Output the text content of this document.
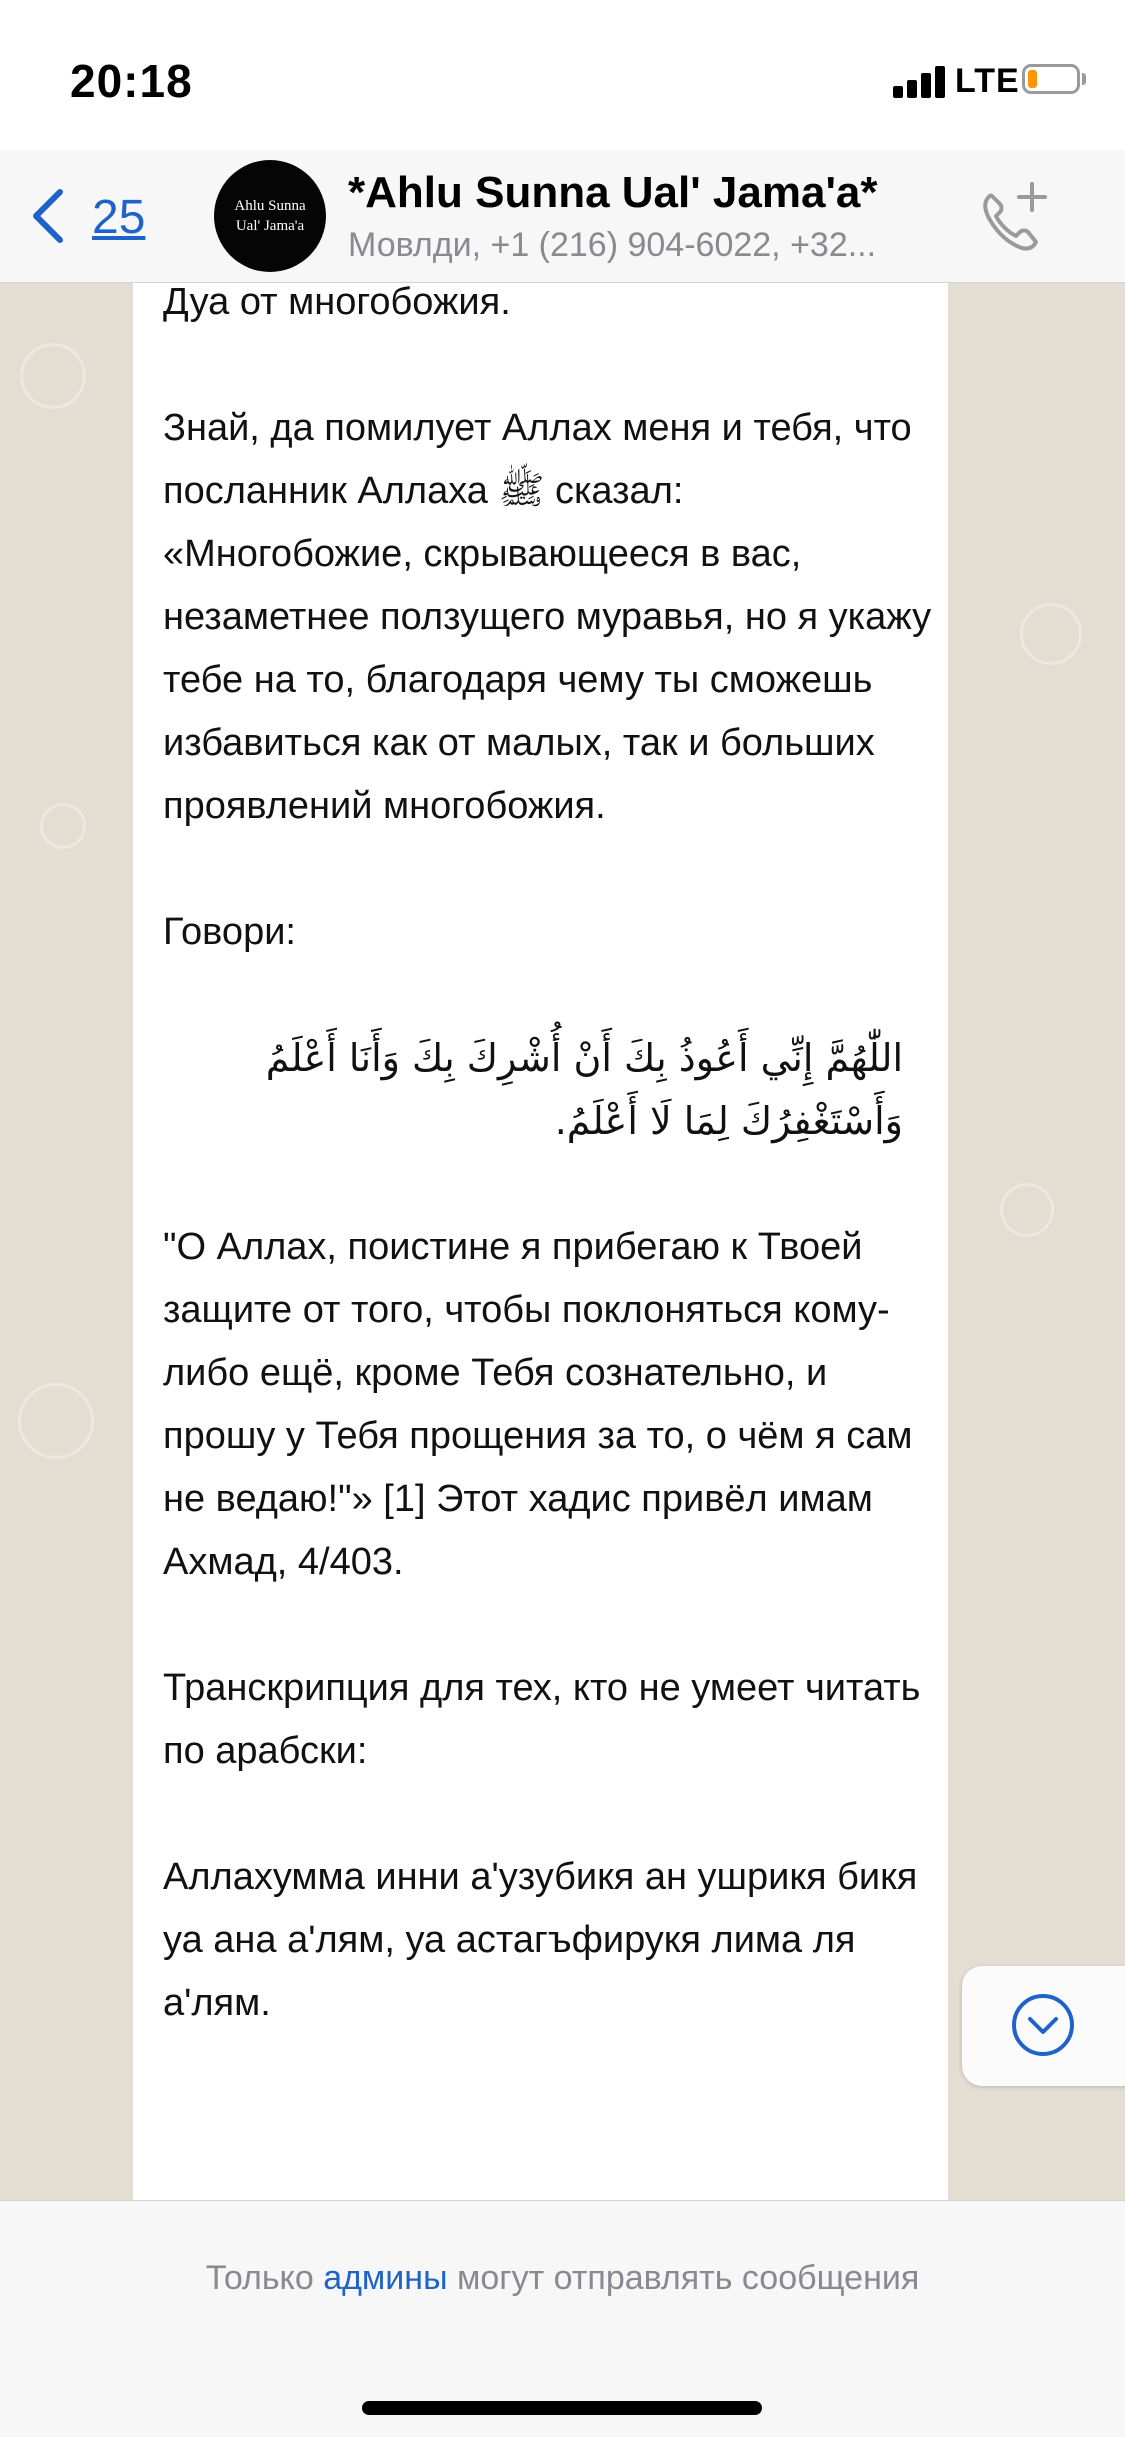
20:18	LTE
25	Ahlu Sunna Ual' Jama'a
*Ahlu Sunna Ual' Jama'a*
Мовлди, +1 (216) 904-6022, +32...
Дуа от многобожия.

Знай, да помилует Аллах меня и тебя, что посланник Аллаха ﷺ сказал: «Многобожие, скрывающееся в вас, незаметнее ползущего муравья, но я укажу тебе на то, благодаря чему ты сможешь избавиться как от малых, так и больших проявлений многобожия.

Говори:

اللّٰهُمَّ إِنِّي أَعُوذُ بِكَ أَنْ أُشْرِكَ بِكَ وَأَنَا أَعْلَمُ وَأَسْتَغْفِرُكَ لِمَا لَا أَعْلَمُ.

"О Аллах, поистине я прибегаю к Твоей защите от того, чтобы поклоняться кому-либо ещё, кроме Тебя сознательно, и прошу у Тебя прощения за то, о чём я сам не ведаю!"» [1] Этот хадис привёл имам Ахмад, 4/403.

Транскрипция для тех, кто не умеет читать по арабски:

Аллахумма инни а'узубикя ан ушрикя бикя уа ана а'лям, уа астагъфирукя лима ля а'лям.
Только админы могут отправлять сообщения
